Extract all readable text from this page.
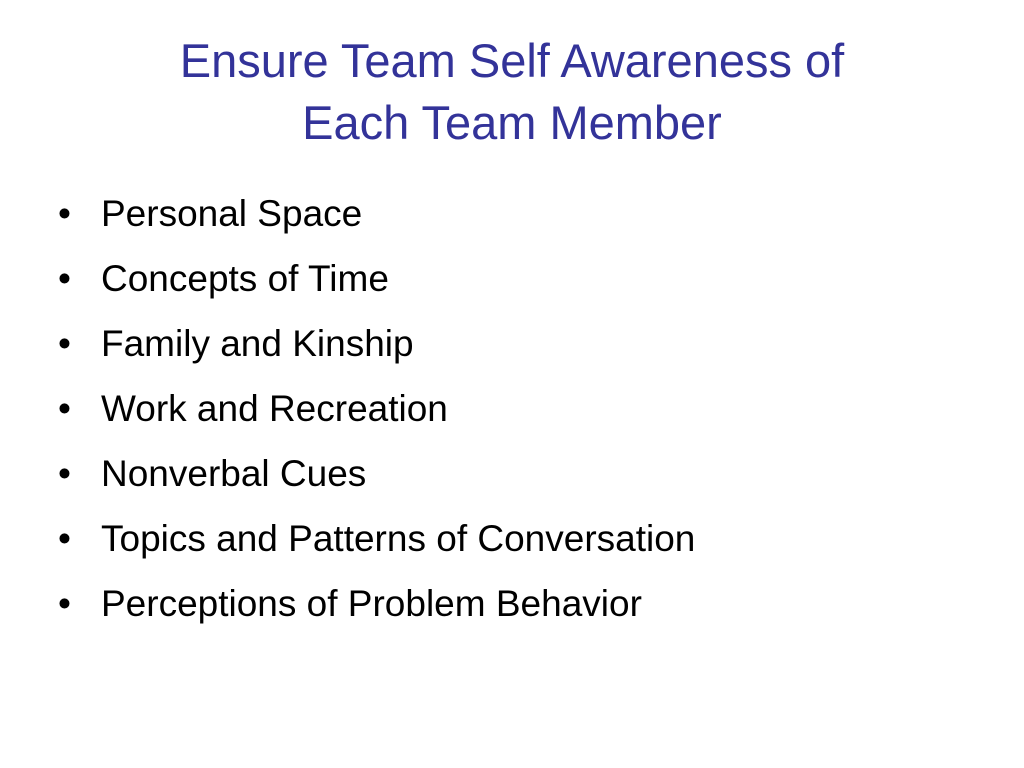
Ensure Team Self Awareness of
Each Team Member
• Personal Space
• Concepts of Time
• Family and Kinship
• Work and Recreation
• Nonverbal Cues
• Topics and Patterns of Conversation
• Perceptions of Problem Behavior
